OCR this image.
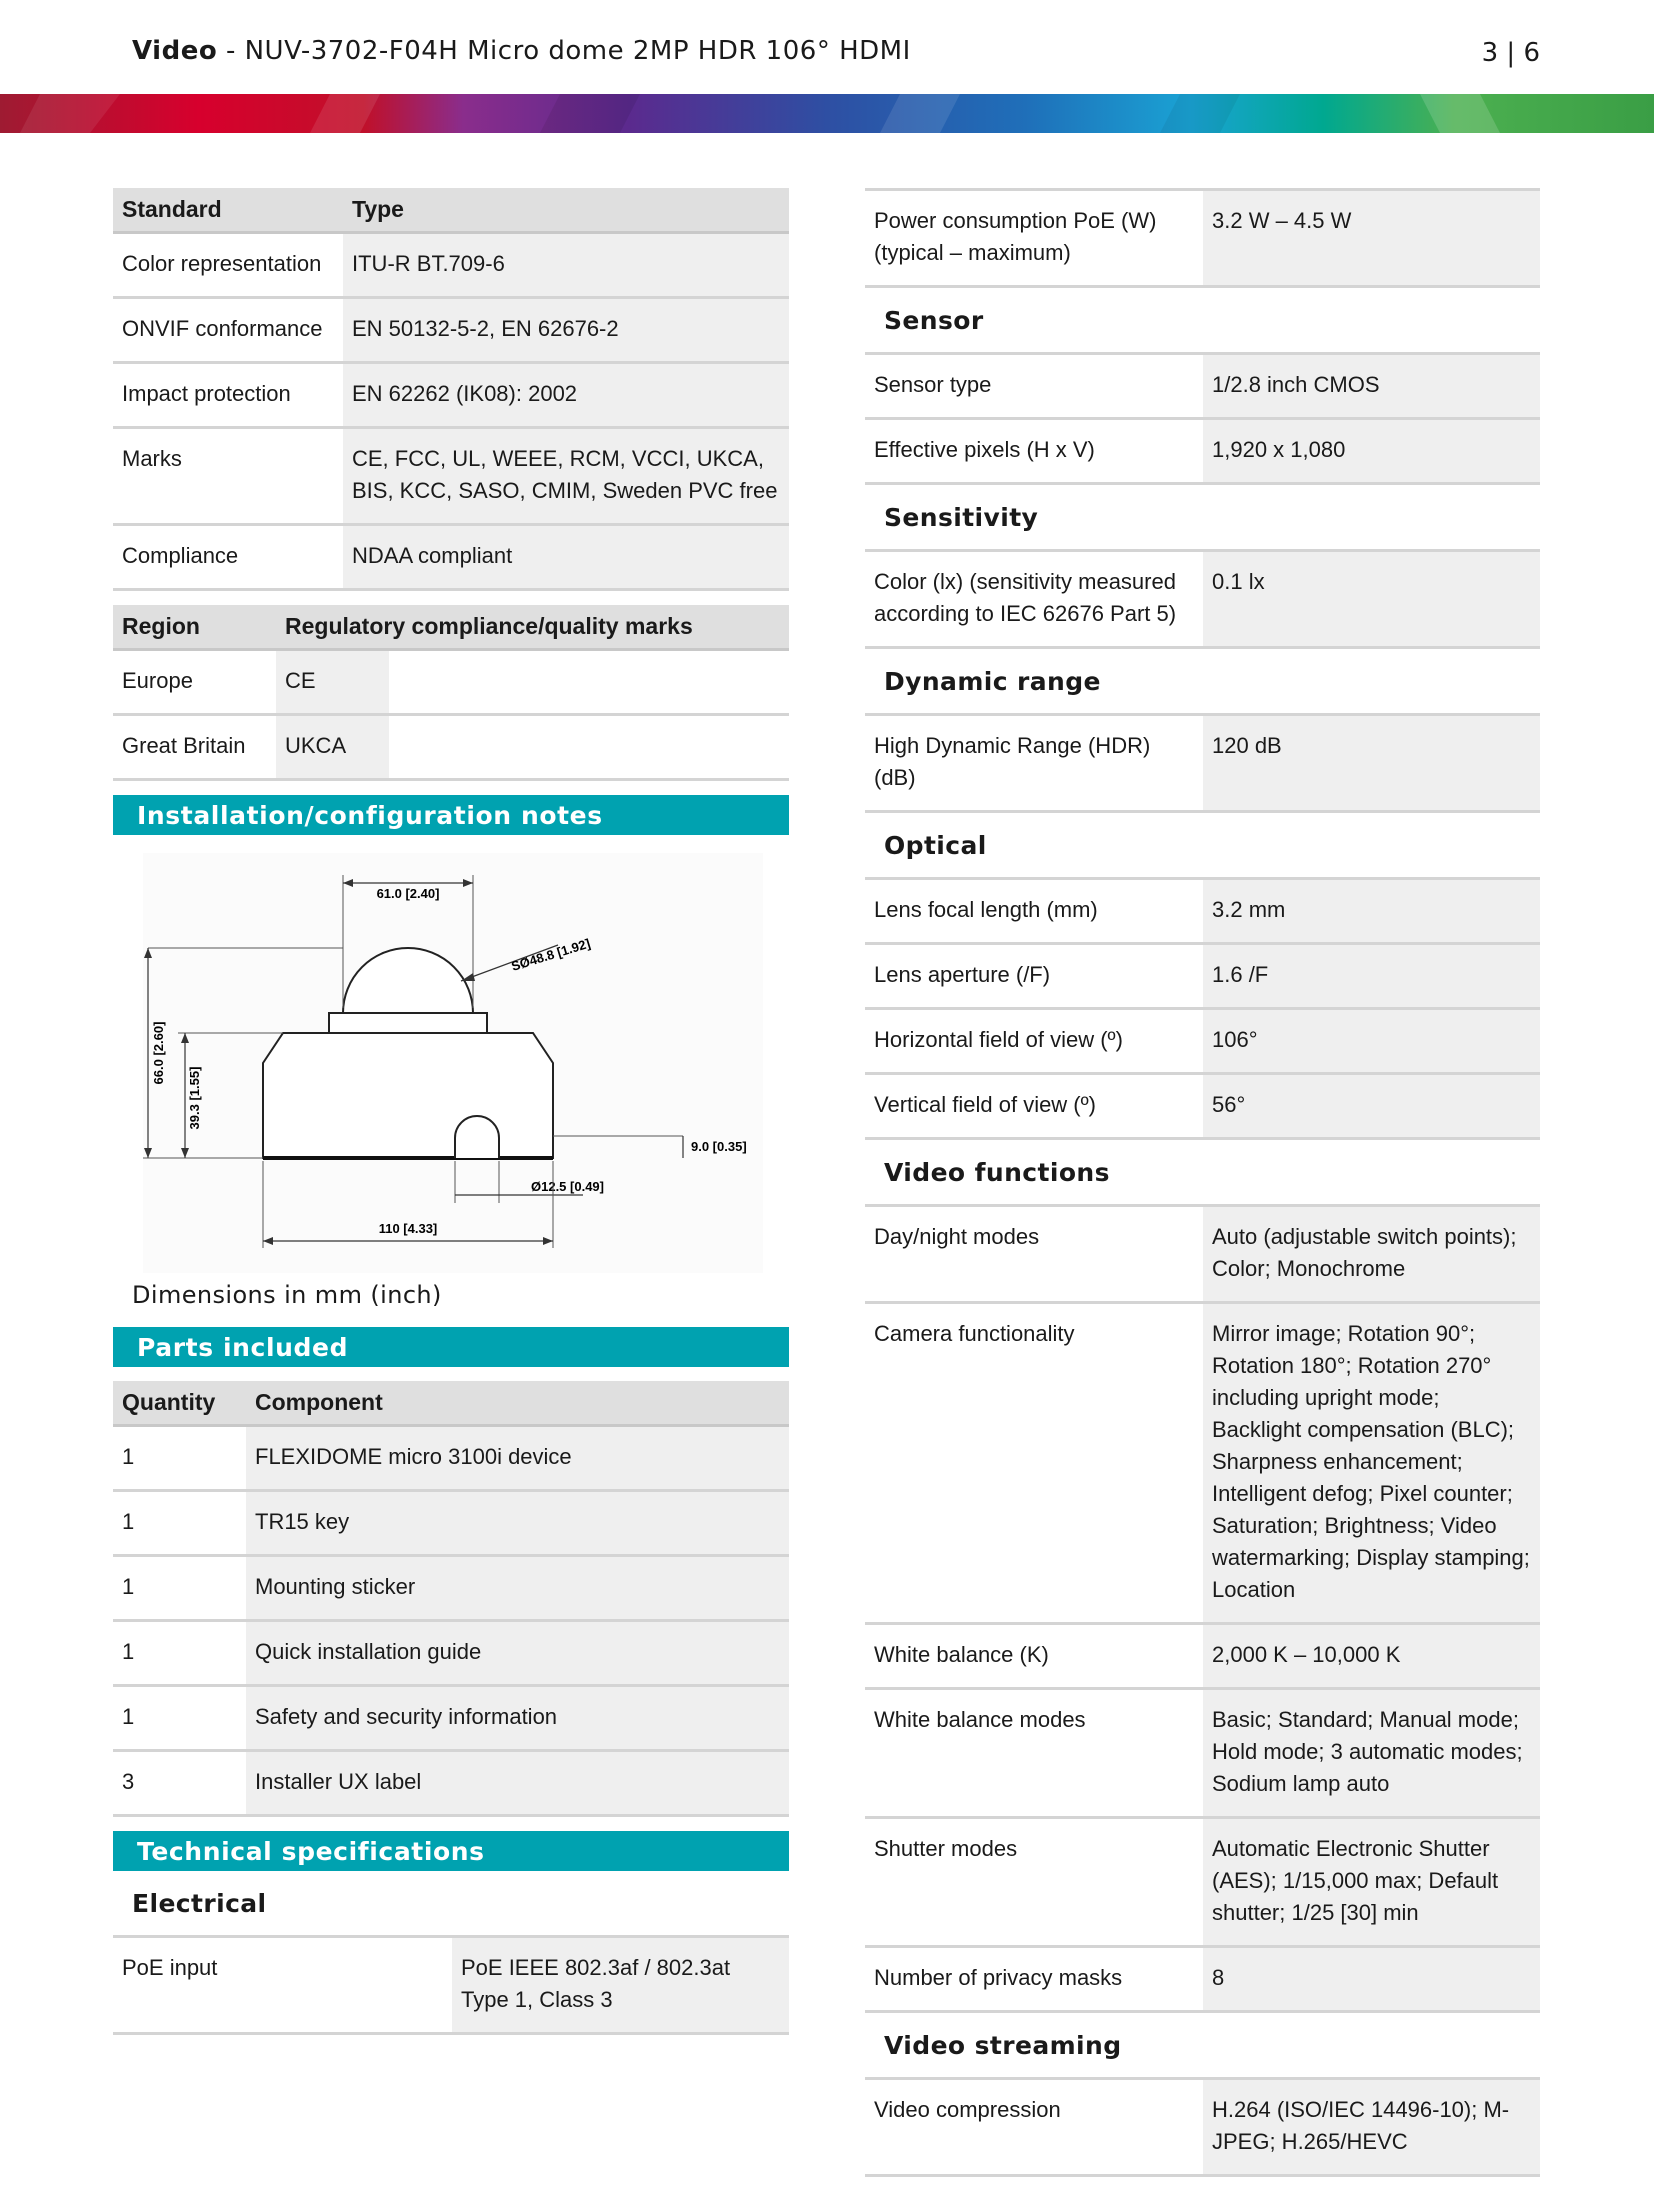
Video - NUV-3702-F04H Micro dome 2MP HDR 106° HDMI	3 | 6
Standard	Type
Color representation	ITU-R BT.709-6
ONVIF conformance	EN 50132-5-2, EN 62676-2
Impact protection	EN 62262 (IK08): 2002
Marks	CE, FCC, UL, WEEE, RCM, VCCI, UKCA, BIS, KCC, SASO, CMIM, Sweden PVC free
Compliance	NDAA compliant
Region	Regulatory compliance/quality marks	
Europe	CE	
Great Britain	UKCA	
Installation/configuration notes
61.0 [2.40]
SØ48.8 [1.92]
66.0 [2.60]
39.3 [1.55]
9.0 [0.35]
Ø12.5 [0.49]
110 [4.33]
Dimensions in mm (inch)
Parts included
Quantity	Component
1	FLEXIDOME micro 3100i device
1	TR15 key
1	Mounting sticker
1	Quick installation guide
1	Safety and security information
3	Installer UX label
Technical specifications
Electrical
PoE input	PoE IEEE 802.3af / 802.3at Type 1, Class 3
Power consumption PoE (W) (typical – maximum)	3.2 W – 4.5 W
Sensor
Sensor type	1/2.8 inch CMOS
Effective pixels (H x V)	1,920 x 1,080
Sensitivity
Color (lx) (sensitivity measured according to IEC 62676 Part 5)	0.1 lx
Dynamic range
High Dynamic Range (HDR) (dB)	120 dB
Optical
Lens focal length (mm)	3.2 mm
Lens aperture (/F)	1.6 /F
Horizontal field of view (º)	106°
Vertical field of view (º)	56°
Video functions
Day/night modes	Auto (adjustable switch points); Color; Monochrome
Camera functionality	Mirror image; Rotation 90°; Rotation 180°; Rotation 270° including upright mode; Backlight compensation (BLC); Sharpness enhancement; Intelligent defog; Pixel counter; Saturation; Brightness; Video watermarking; Display stamping; Location
White balance (K)	2,000 K – 10,000 K
White balance modes	Basic; Standard; Manual mode; Hold mode; 3 automatic modes; Sodium lamp auto
Shutter modes	Automatic Electronic Shutter (AES); 1/15,000 max; Default shutter; 1/25 [30] min
Number of privacy masks	8
Video streaming
Video compression	H.264 (ISO/IEC 14496-10); M-JPEG; H.265/HEVC
